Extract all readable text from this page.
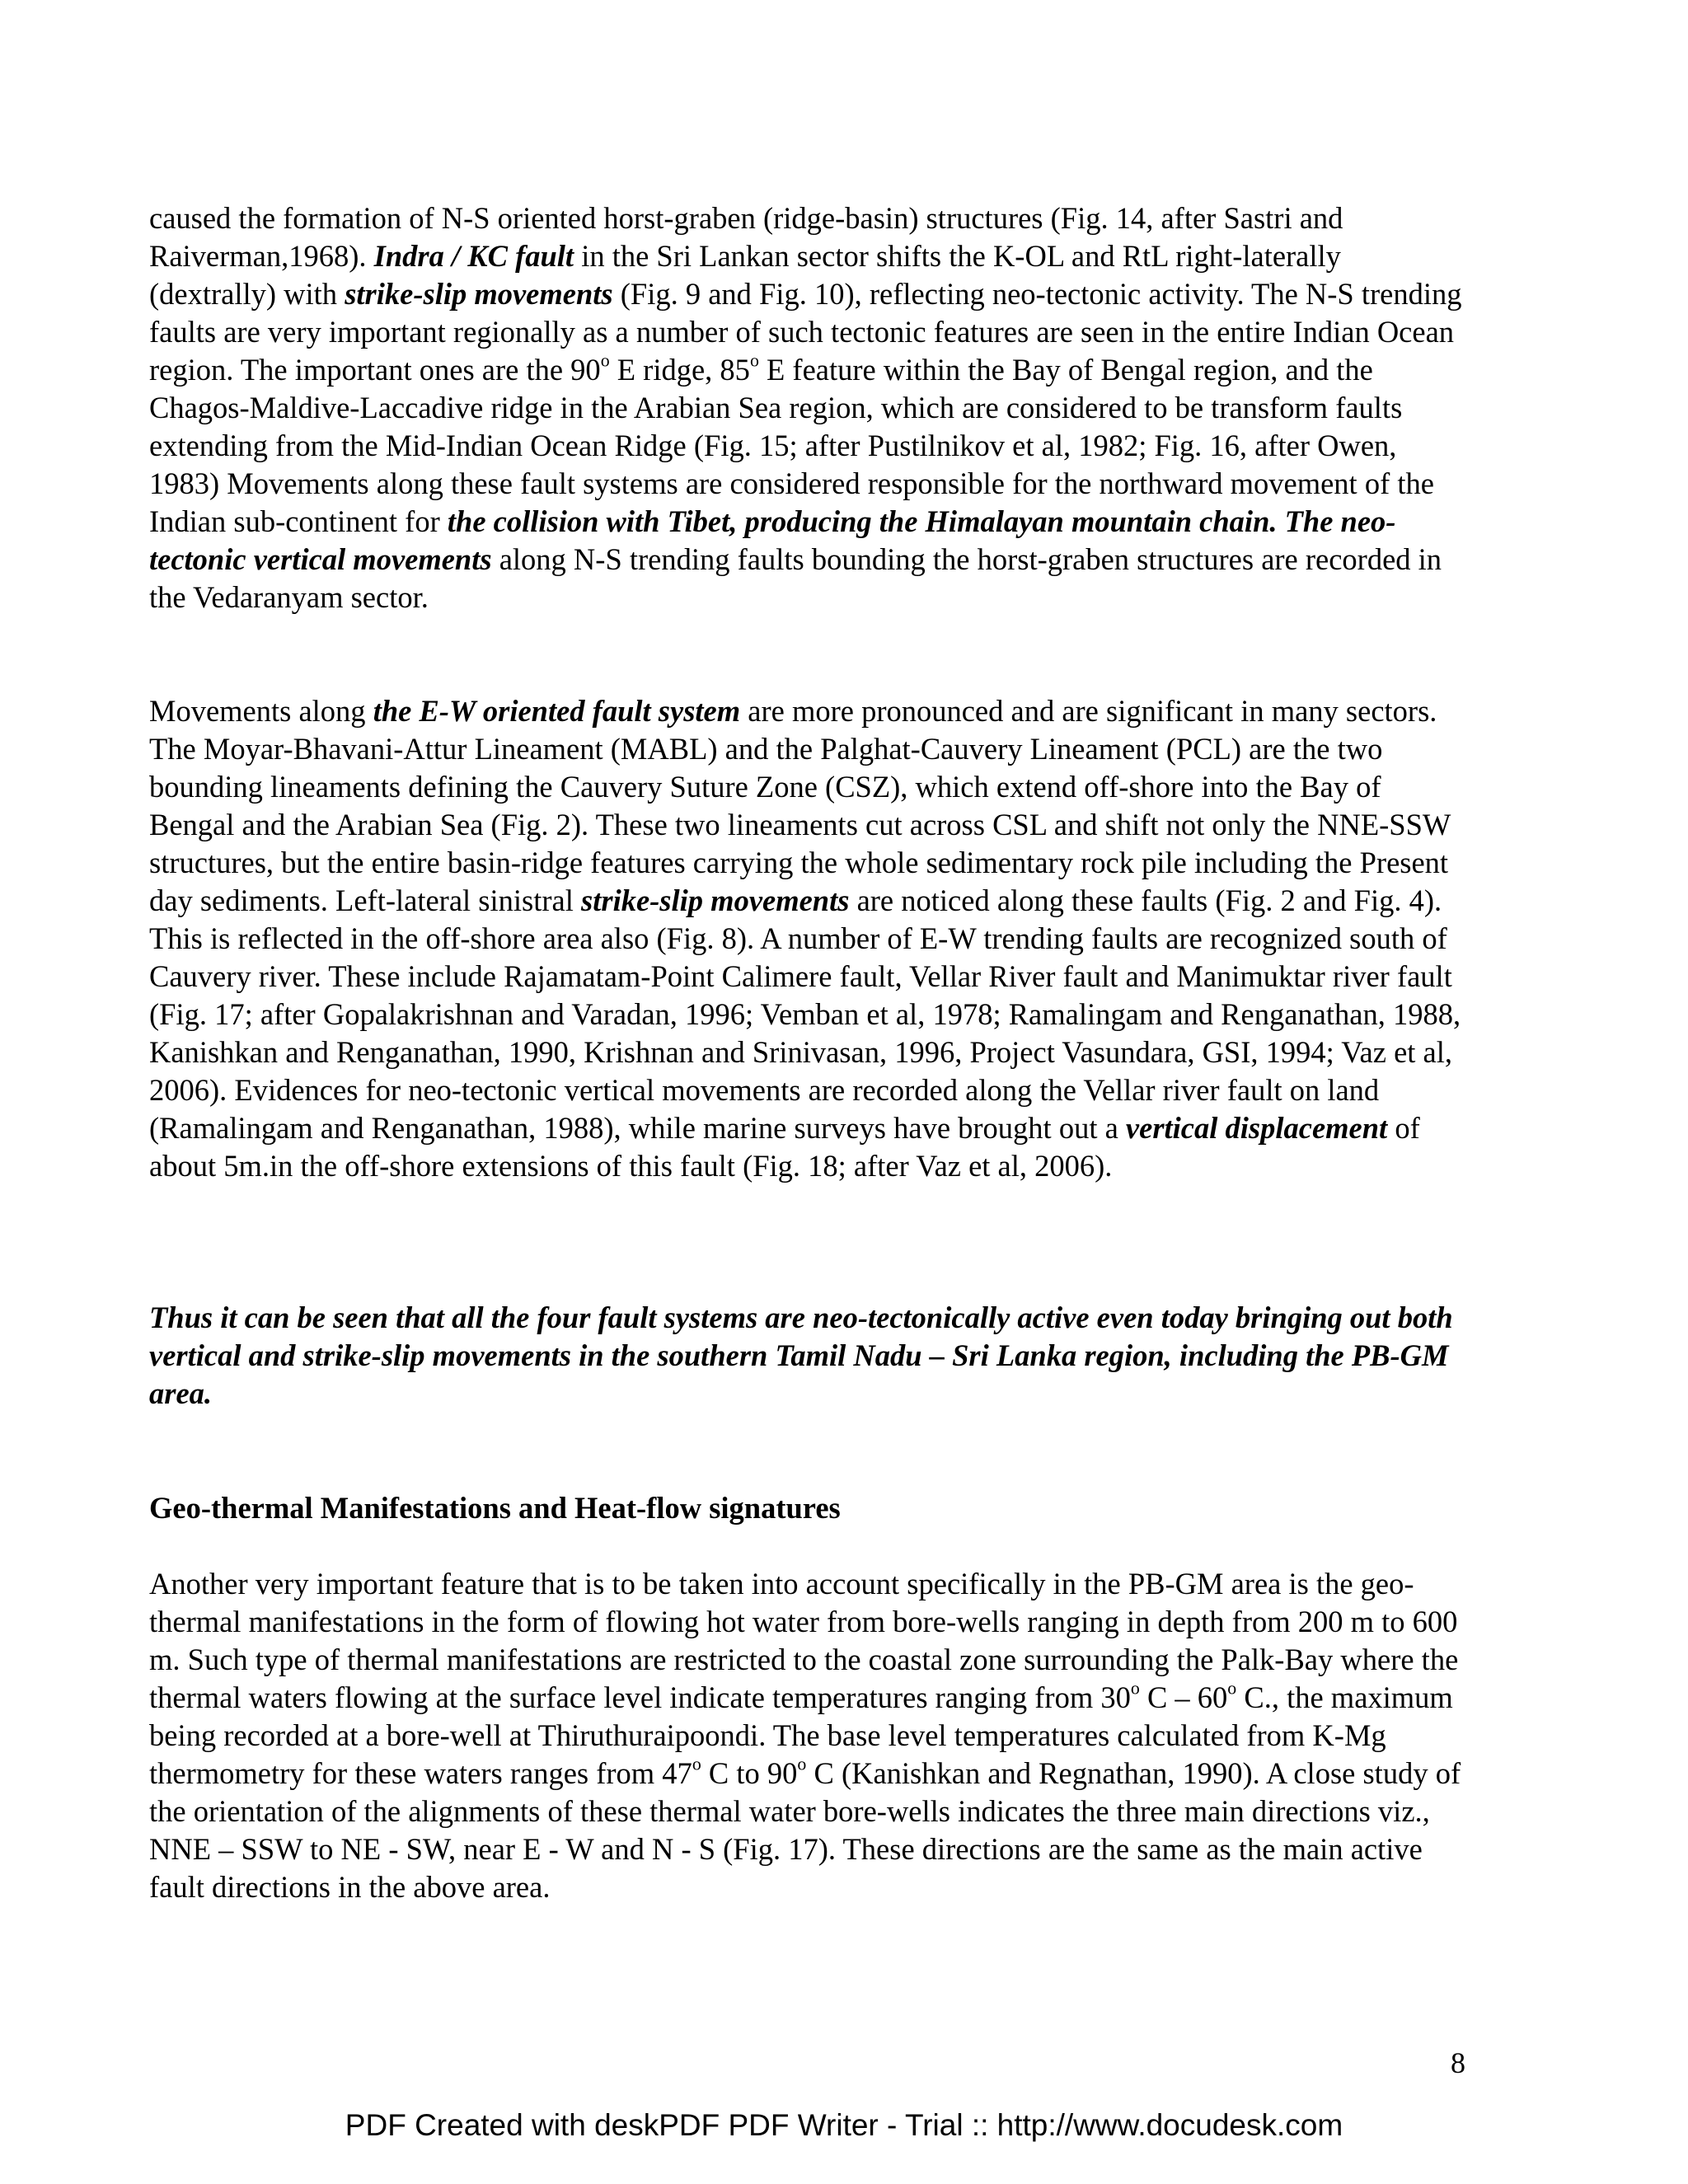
caused the formation of N-S oriented horst-graben (ridge-basin) structures (Fig. 14, after Sastri and Raiverman,1968). Indra / KC fault in the Sri Lankan sector shifts the K-OL and RtL right-laterally (dextrally) with strike-slip movements (Fig. 9 and Fig. 10), reflecting neo-tectonic activity. The N-S trending faults are very important regionally as a number of such tectonic features are seen in the entire Indian Ocean region. The important ones are the 90$^o$ E ridge, 85$^o$ E feature within the Bay of Bengal region, and the Chagos-Maldive-Laccadive ridge in the Arabian Sea region, which are considered to be transform faults extending from the Mid-Indian Ocean Ridge (Fig. 15; after Pustilnikov et al, 1982; Fig. 16, after Owen, 1983) Movements along these fault systems are considered responsible for the northward movement of the Indian sub-continent for the collision with Tibet, producing the Himalayan mountain chain. The neo-tectonic vertical movements along N-S trending faults bounding the horst-graben structures are recorded in the Vedaranyam sector.

Movements along the E-W oriented fault system are more pronounced and are significant in many sectors. The Moyar-Bhavani-Attur Lineament (MABL) and the Palghat-Cauvery Lineament (PCL) are the two bounding lineaments defining the Cauvery Suture Zone (CSZ), which extend off-shore into the Bay of Bengal and the Arabian Sea (Fig. 2). These two lineaments cut across CSL and shift not only the NNE-SSW structures, but the entire basin-ridge features carrying the whole sedimentary rock pile including the Present day sediments. Left-lateral sinistral strike-slip movements are noticed along these faults (Fig. 2 and Fig. 4). This is reflected in the off-shore area also (Fig. 8). A number of E-W trending faults are recognized south of Cauvery river. These include Rajamatam-Point Calimere fault, Vellar River fault and Manimuktar river fault (Fig. 17; after Gopalakrishnan and Varadan, 1996; Vemban et al, 1978; Ramalingam and Renganathan, 1988, Kanishkan and Renganathan, 1990, Krishnan and Srinivasan, 1996, Project Vasundara, GSI, 1994; Vaz et al, 2006). Evidences for neo-tectonic vertical movements are recorded along the Vellar river fault on land (Ramalingam and Renganathan, 1988), while marine surveys have brought out a vertical displacement of about 5m.in the off-shore extensions of this fault (Fig. 18; after Vaz et al, 2006).

Thus it can be seen that all the four fault systems are neo-tectonically active even today bringing out both vertical and strike-slip movements in the southern Tamil Nadu – Sri Lanka region, including the PB-GM area.

Geo-thermal Manifestations and Heat-flow signatures

Another very important feature that is to be taken into account specifically in the PB-GM area is the geo-thermal manifestations in the form of flowing hot water from bore-wells ranging in depth from 200 m to 600 m. Such type of thermal manifestations are restricted to the coastal zone surrounding the Palk-Bay where the thermal waters flowing at the surface level indicate temperatures ranging from 30$^o$ C – 60$^o$ C., the maximum being recorded at a bore-well at Thiruthuraipoondi. The base level temperatures calculated from K-Mg thermometry for these waters ranges from 47$^o$ C to 90$^o$ C (Kanishkan and Regnathan, 1990). A close study of the orientation of the alignments of these thermal water bore-wells indicates the three main directions viz., NNE – SSW to NE - SW, near E - W and N - S (Fig. 17). These directions are the same as the main active fault directions in the above area.

8
PDF Created with deskPDF PDF Writer - Trial :: http://www.docudesk.com
